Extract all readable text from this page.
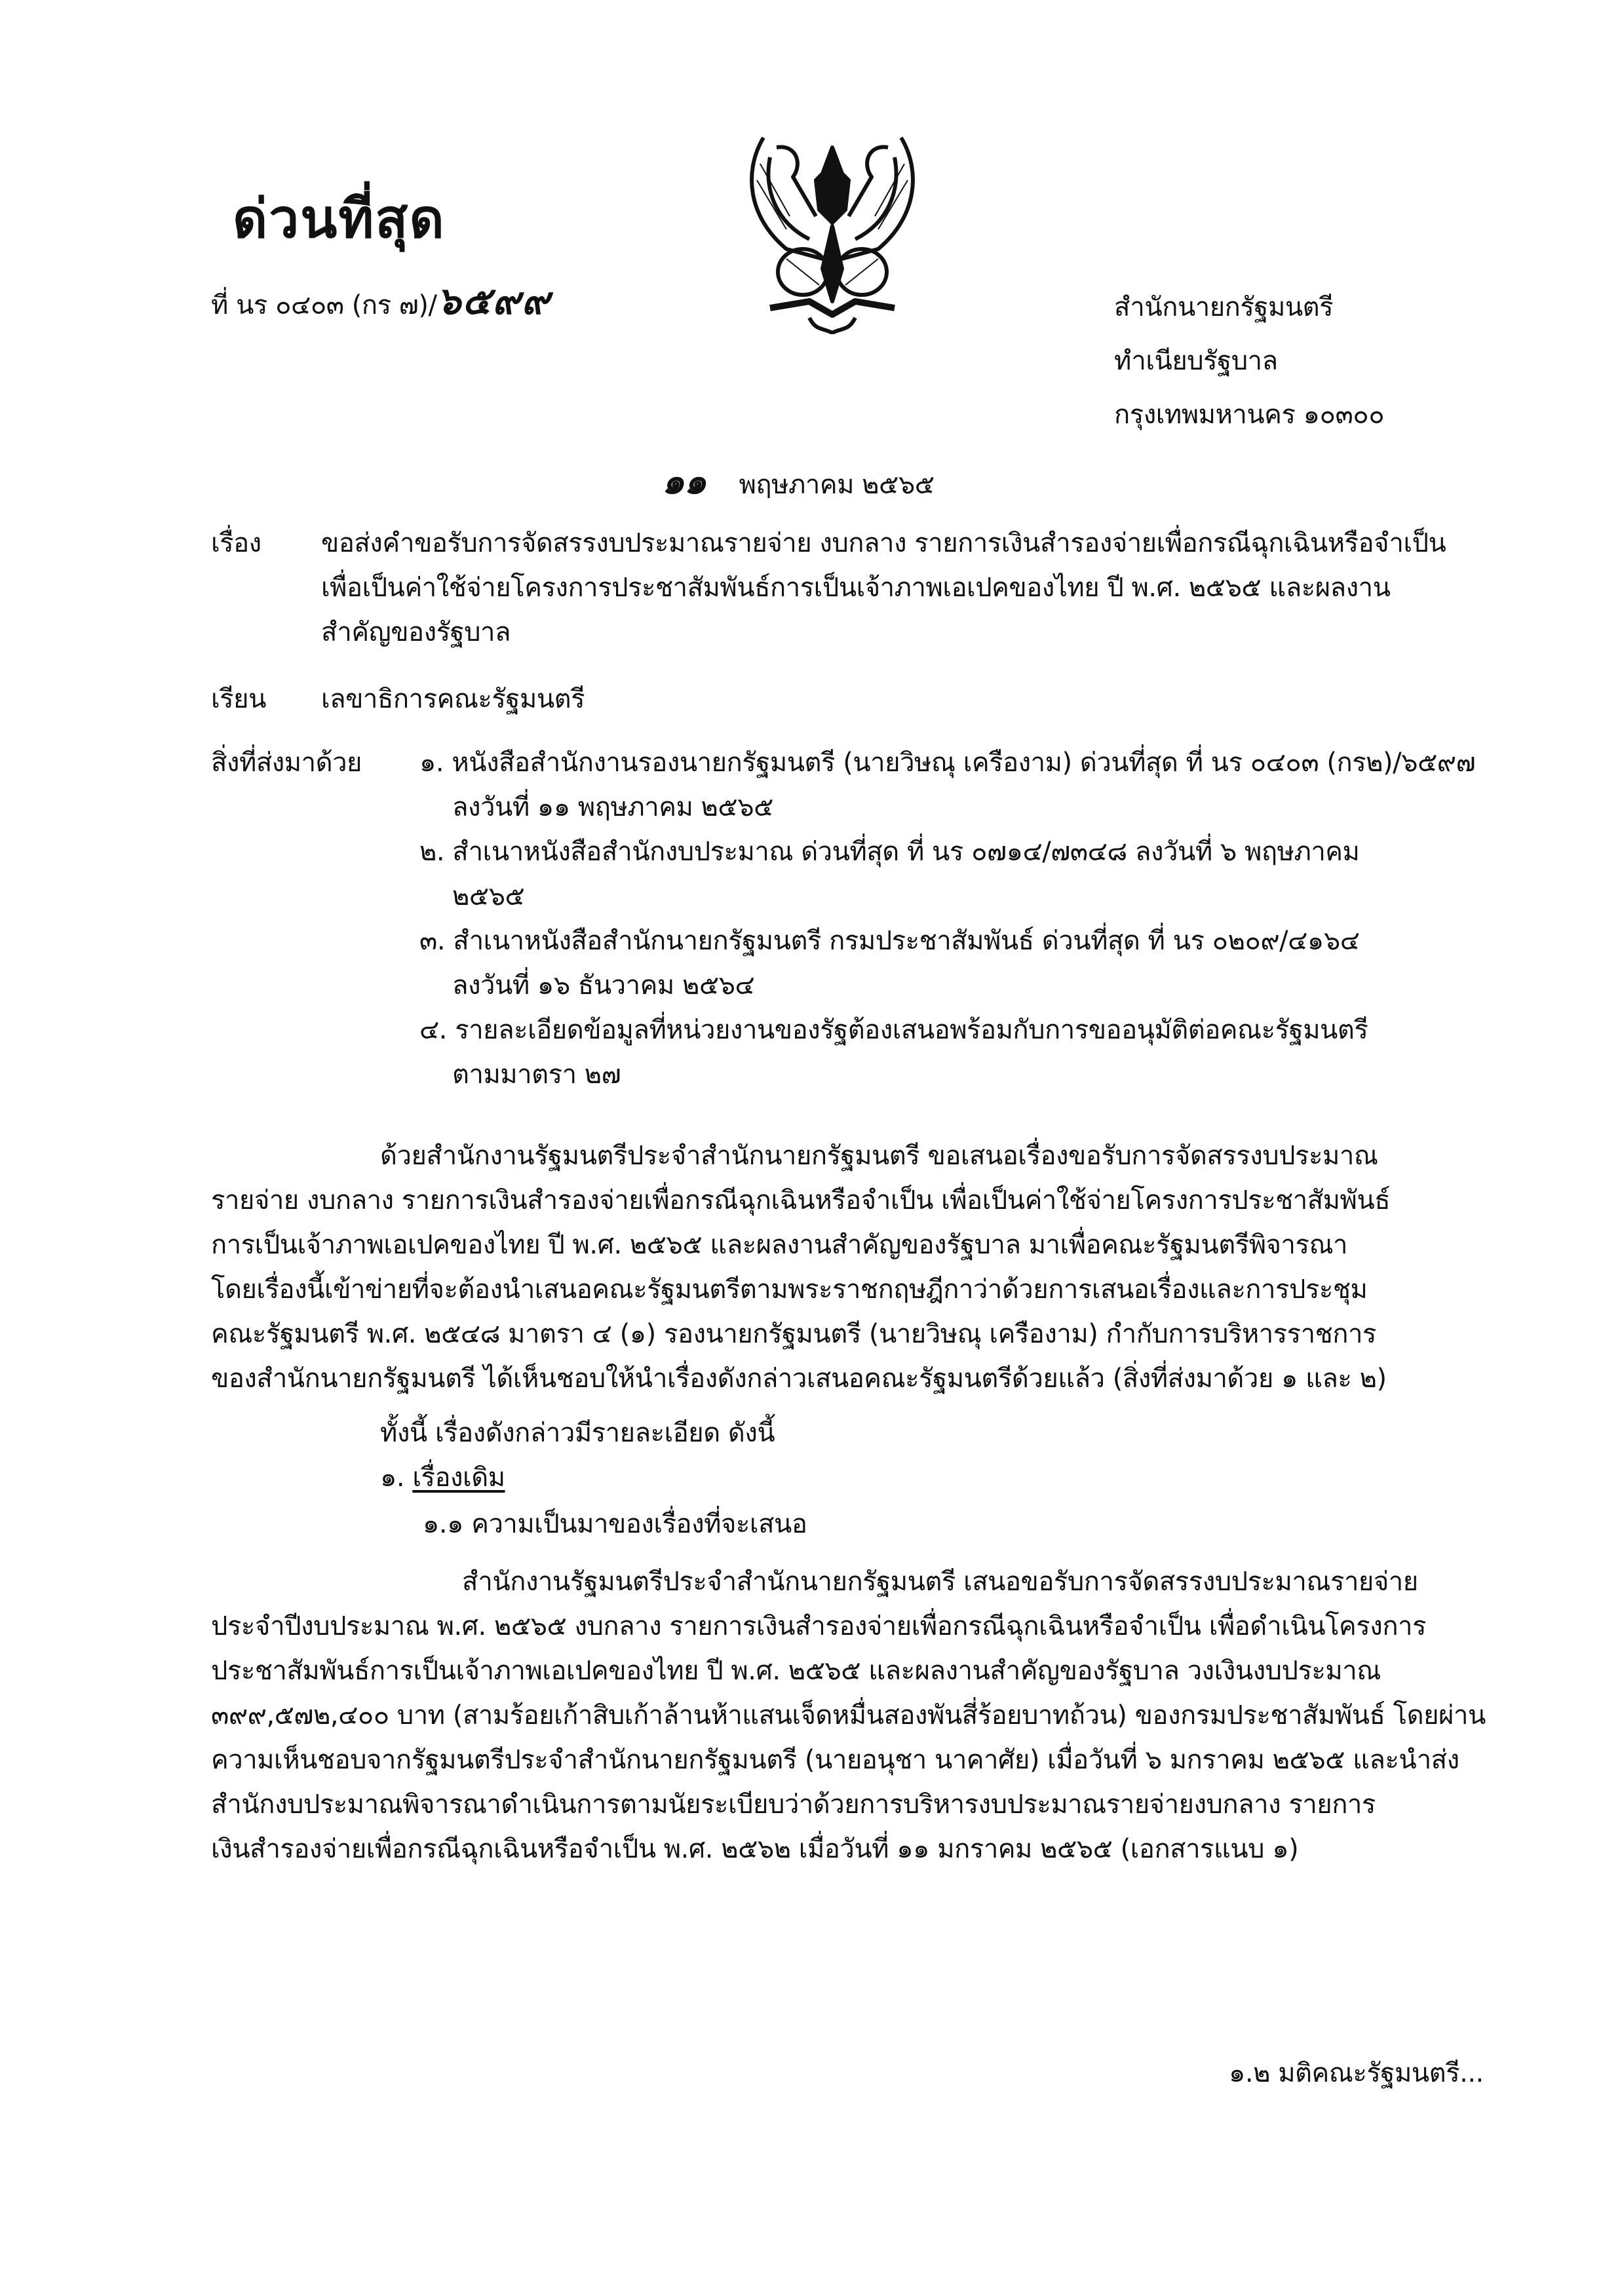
ด่วนที่สุด
ที่ นร ๐๔๐๓ (กร ๗)/๖๕๙๙	สำนักนายกรัฐมนตรี
ทำเนียบรัฐบาล
กรุงเทพมหานคร ๑๐๓๐๐
๑๑ พฤษภาคม ๒๕๖๕
เรื่อง ขอส่งคำขอรับการจัดสรรงบประมาณรายจ่าย งบกลาง รายการเงินสำรองจ่ายเพื่อกรณีฉุกเฉินหรือจำเป็น
เพื่อเป็นค่าใช้จ่ายโครงการประชาสัมพันธ์การเป็นเจ้าภาพเอเปคของไทย ปี พ.ศ. ๒๕๖๕ และผลงาน
สำคัญของรัฐบาล
เรียน เลขาธิการคณะรัฐมนตรี
สิ่งที่ส่งมาด้วย ๑. หนังสือสำนักงานรองนายกรัฐมนตรี (นายวิษณุ เครืองาม) ด่วนที่สุด ที่ นร ๐๔๐๓ (กร๒)/๖๕๙๗
ลงวันที่ ๑๑ พฤษภาคม ๒๕๖๕
๒. สำเนาหนังสือสำนักงบประมาณ ด่วนที่สุด ที่ นร ๐๗๑๔/๗๓๔๘ ลงวันที่ ๖ พฤษภาคม
๒๕๖๕
๓. สำเนาหนังสือสำนักนายกรัฐมนตรี กรมประชาสัมพันธ์ ด่วนที่สุด ที่ นร ๐๒๐๙/๔๑๖๔
ลงวันที่ ๑๖ ธันวาคม ๒๕๖๔
๔. รายละเอียดข้อมูลที่หน่วยงานของรัฐต้องเสนอพร้อมกับการขออนุมัติต่อคณะรัฐมนตรี
ตามมาตรา ๒๗
ด้วยสำนักงานรัฐมนตรีประจำสำนักนายกรัฐมนตรี ขอเสนอเรื่องขอรับการจัดสรรงบประมาณ
รายจ่าย งบกลาง รายการเงินสำรองจ่ายเพื่อกรณีฉุกเฉินหรือจำเป็น เพื่อเป็นค่าใช้จ่ายโครงการประชาสัมพันธ์
การเป็นเจ้าภาพเอเปคของไทย ปี พ.ศ. ๒๕๖๕ และผลงานสำคัญของรัฐบาล มาเพื่อคณะรัฐมนตรีพิจารณา
โดยเรื่องนี้เข้าข่ายที่จะต้องนำเสนอคณะรัฐมนตรีตามพระราชกฤษฎีกาว่าด้วยการเสนอเรื่องและการประชุม
คณะรัฐมนตรี พ.ศ. ๒๕๔๘ มาตรา ๔ (๑) รองนายกรัฐมนตรี (นายวิษณุ เครืองาม) กำกับการบริหารราชการ
ของสำนักนายกรัฐมนตรี ได้เห็นชอบให้นำเรื่องดังกล่าวเสนอคณะรัฐมนตรีด้วยแล้ว (สิ่งที่ส่งมาด้วย ๑ และ ๒)
ทั้งนี้ เรื่องดังกล่าวมีรายละเอียด ดังนี้
๑. เรื่องเดิม
๑.๑ ความเป็นมาของเรื่องที่จะเสนอ
สำนักงานรัฐมนตรีประจำสำนักนายกรัฐมนตรี เสนอขอรับการจัดสรรงบประมาณรายจ่าย
ประจำปีงบประมาณ พ.ศ. ๒๕๖๕ งบกลาง รายการเงินสำรองจ่ายเพื่อกรณีฉุกเฉินหรือจำเป็น เพื่อดำเนินโครงการ
ประชาสัมพันธ์การเป็นเจ้าภาพเอเปคของไทย ปี พ.ศ. ๒๕๖๕ และผลงานสำคัญของรัฐบาล วงเงินงบประมาณ
๓๙๙,๕๗๒,๔๐๐ บาท (สามร้อยเก้าสิบเก้าล้านห้าแสนเจ็ดหมื่นสองพันสี่ร้อยบาทถ้วน) ของกรมประชาสัมพันธ์ โดยผ่าน
ความเห็นชอบจากรัฐมนตรีประจำสำนักนายกรัฐมนตรี (นายอนุชา นาคาศัย) เมื่อวันที่ ๖ มกราคม ๒๕๖๕ และนำส่ง
สำนักงบประมาณพิจารณาดำเนินการตามนัยระเบียบว่าด้วยการบริหารงบประมาณรายจ่ายงบกลาง รายการ
เงินสำรองจ่ายเพื่อกรณีฉุกเฉินหรือจำเป็น พ.ศ. ๒๕๖๒ เมื่อวันที่ ๑๑ มกราคม ๒๕๖๕ (เอกสารแนบ ๑)
๑.๒ มติคณะรัฐมนตรี...
